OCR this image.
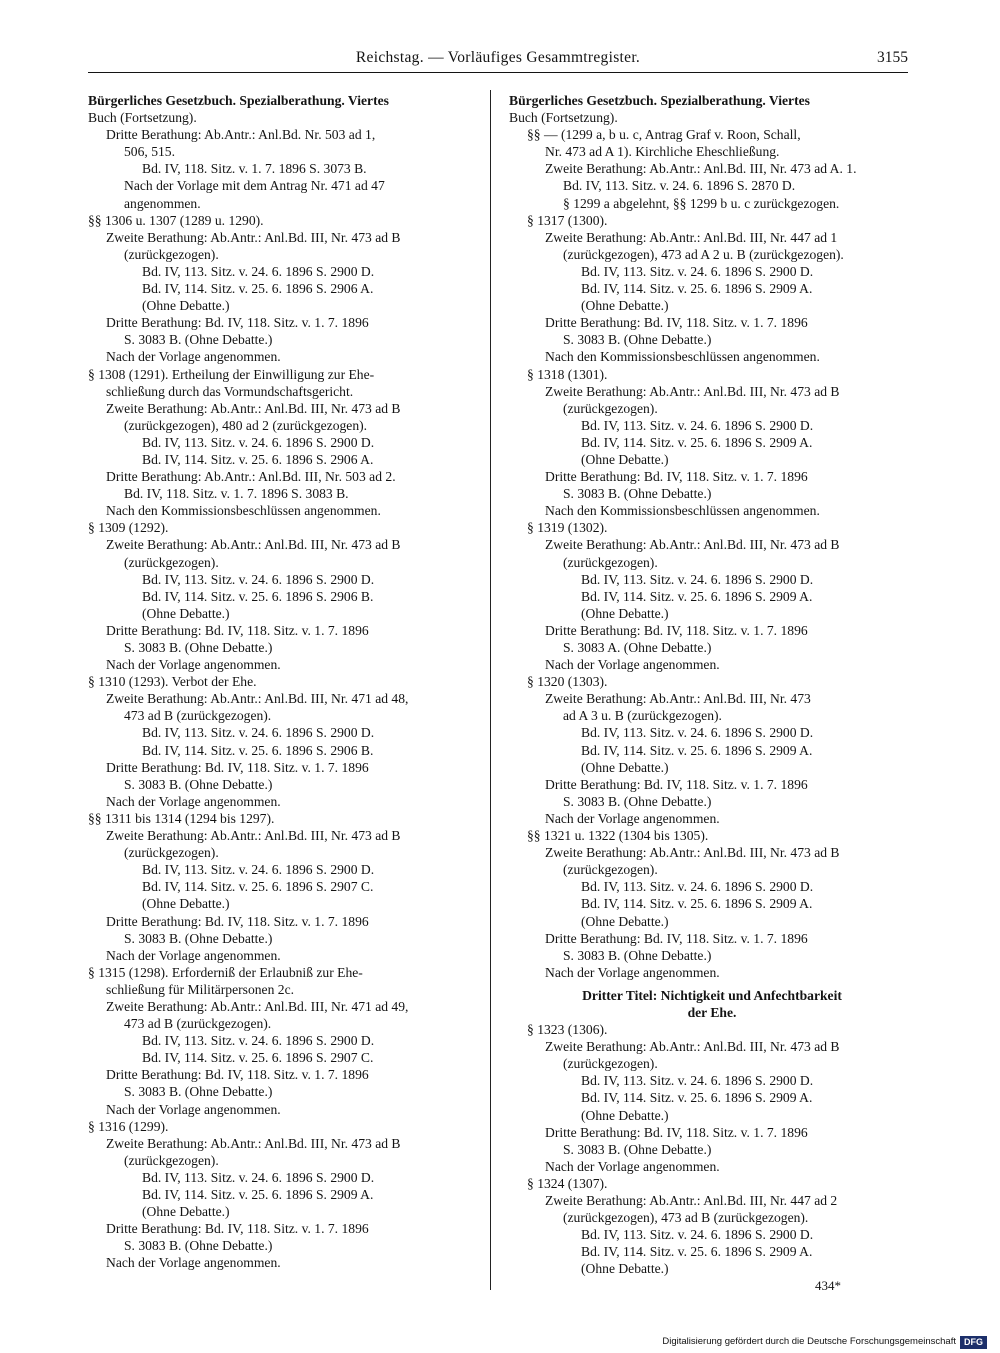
Reichstag. — Vorläufiges Gesammtregister.	3155
Bürgerliches Gesetzbuch. Spezialberathung. Viertes
Buch (Fortsetzung).
Dritte Berathung: Ab.Antr.: Anl.Bd. Nr. 503 ad 1,
506, 515.
Bd. IV, 118. Sitz. v. 1. 7. 1896 S. 3073 B.
Nach der Vorlage mit dem Antrag Nr. 471 ad 47
angenommen.
§§ 1306 u. 1307 (1289 u. 1290).
Zweite Berathung: Ab.Antr.: Anl.Bd. III, Nr. 473 ad B
(zurückgezogen).
Bd. IV, 113. Sitz. v. 24. 6. 1896 S. 2900 D.
Bd. IV, 114. Sitz. v. 25. 6. 1896 S. 2906 A.
(Ohne Debatte.)
Dritte Berathung: Bd. IV, 118. Sitz. v. 1. 7. 1896
S. 3083 B. (Ohne Debatte.)
Nach der Vorlage angenommen.
§ 1308 (1291). Ertheilung der Einwilligung zur Ehe-
schließung durch das Vormundschaftsgericht.
Zweite Berathung: Ab.Antr.: Anl.Bd. III, Nr. 473 ad B
(zurückgezogen), 480 ad 2 (zurückgezogen).
Bd. IV, 113. Sitz. v. 24. 6. 1896 S. 2900 D.
Bd. IV, 114. Sitz. v. 25. 6. 1896 S. 2906 A.
Dritte Berathung: Ab.Antr.: Anl.Bd. III, Nr. 503 ad 2.
Bd. IV, 118. Sitz. v. 1. 7. 1896 S. 3083 B.
Nach den Kommissionsbeschlüssen angenommen.
§ 1309 (1292).
Zweite Berathung: Ab.Antr.: Anl.Bd. III, Nr. 473 ad B
(zurückgezogen).
Bd. IV, 113. Sitz. v. 24. 6. 1896 S. 2900 D.
Bd. IV, 114. Sitz. v. 25. 6. 1896 S. 2906 B.
(Ohne Debatte.)
Dritte Berathung: Bd. IV, 118. Sitz. v. 1. 7. 1896
S. 3083 B. (Ohne Debatte.)
Nach der Vorlage angenommen.
§ 1310 (1293). Verbot der Ehe.
Zweite Berathung: Ab.Antr.: Anl.Bd. III, Nr. 471 ad 48,
473 ad B (zurückgezogen).
Bd. IV, 113. Sitz. v. 24. 6. 1896 S. 2900 D.
Bd. IV, 114. Sitz. v. 25. 6. 1896 S. 2906 B.
Dritte Berathung: Bd. IV, 118. Sitz. v. 1. 7. 1896
S. 3083 B. (Ohne Debatte.)
Nach der Vorlage angenommen.
§§ 1311 bis 1314 (1294 bis 1297).
Zweite Berathung: Ab.Antr.: Anl.Bd. III, Nr. 473 ad B
(zurückgezogen).
Bd. IV, 113. Sitz. v. 24. 6. 1896 S. 2900 D.
Bd. IV, 114. Sitz. v. 25. 6. 1896 S. 2907 C.
(Ohne Debatte.)
Dritte Berathung: Bd. IV, 118. Sitz. v. 1. 7. 1896
S. 3083 B. (Ohne Debatte.)
Nach der Vorlage angenommen.
§ 1315 (1298). Erforderniß der Erlaubniß zur Ehe-
schließung für Militärpersonen 2c.
Zweite Berathung: Ab.Antr.: Anl.Bd. III, Nr. 471 ad 49,
473 ad B (zurückgezogen).
Bd. IV, 113. Sitz. v. 24. 6. 1896 S. 2900 D.
Bd. IV, 114. Sitz. v. 25. 6. 1896 S. 2907 C.
Dritte Berathung: Bd. IV, 118. Sitz. v. 1. 7. 1896
S. 3083 B. (Ohne Debatte.)
Nach der Vorlage angenommen.
§ 1316 (1299).
Zweite Berathung: Ab.Antr.: Anl.Bd. III, Nr. 473 ad B
(zurückgezogen).
Bd. IV, 113. Sitz. v. 24. 6. 1896 S. 2900 D.
Bd. IV, 114. Sitz. v. 25. 6. 1896 S. 2909 A.
(Ohne Debatte.)
Dritte Berathung: Bd. IV, 118. Sitz. v. 1. 7. 1896
S. 3083 B. (Ohne Debatte.)
Nach der Vorlage angenommen.
Bürgerliches Gesetzbuch. Spezialberathung. Viertes
Buch (Fortsetzung).
§§ — (1299 a, b u. c, Antrag Graf v. Roon, Schall,
Nr. 473 ad A 1). Kirchliche Eheschließung.
Zweite Berathung: Ab.Antr.: Anl.Bd. III, Nr. 473 ad A. 1.
Bd. IV, 113. Sitz. v. 24. 6. 1896 S. 2870 D.
§ 1299 a abgelehnt, §§ 1299 b u. c zurückgezogen.
§ 1317 (1300).
Zweite Berathung: Ab.Antr.: Anl.Bd. III, Nr. 447 ad 1
(zurückgezogen), 473 ad A 2 u. B (zurückgezogen).
Bd. IV, 113. Sitz. v. 24. 6. 1896 S. 2900 D.
Bd. IV, 114. Sitz. v. 25. 6. 1896 S. 2909 A.
(Ohne Debatte.)
Dritte Berathung: Bd. IV, 118. Sitz. v. 1. 7. 1896
S. 3083 B. (Ohne Debatte.)
Nach den Kommissionsbeschlüssen angenommen.
§ 1318 (1301).
Zweite Berathung: Ab.Antr.: Anl.Bd. III, Nr. 473 ad B
(zurückgezogen).
Bd. IV, 113. Sitz. v. 24. 6. 1896 S. 2900 D.
Bd. IV, 114. Sitz. v. 25. 6. 1896 S. 2909 A.
(Ohne Debatte.)
Dritte Berathung: Bd. IV, 118. Sitz. v. 1. 7. 1896
S. 3083 B. (Ohne Debatte.)
Nach den Kommissionsbeschlüssen angenommen.
§ 1319 (1302).
Zweite Berathung: Ab.Antr.: Anl.Bd. III, Nr. 473 ad B
(zurückgezogen).
Bd. IV, 113. Sitz. v. 24. 6. 1896 S. 2900 D.
Bd. IV, 114. Sitz. v. 25. 6. 1896 S. 2909 A.
(Ohne Debatte.)
Dritte Berathung: Bd. IV, 118. Sitz. v. 1. 7. 1896
S. 3083 A. (Ohne Debatte.)
Nach der Vorlage angenommen.
§ 1320 (1303).
Zweite Berathung: Ab.Antr.: Anl.Bd. III, Nr. 473
ad A 3 u. B (zurückgezogen).
Bd. IV, 113. Sitz. v. 24. 6. 1896 S. 2900 D.
Bd. IV, 114. Sitz. v. 25. 6. 1896 S. 2909 A.
(Ohne Debatte.)
Dritte Berathung: Bd. IV, 118. Sitz. v. 1. 7. 1896
S. 3083 B. (Ohne Debatte.)
Nach der Vorlage angenommen.
§§ 1321 u. 1322 (1304 bis 1305).
Zweite Berathung: Ab.Antr.: Anl.Bd. III, Nr. 473 ad B
(zurückgezogen).
Bd. IV, 113. Sitz. v. 24. 6. 1896 S. 2900 D.
Bd. IV, 114. Sitz. v. 25. 6. 1896 S. 2909 A.
(Ohne Debatte.)
Dritte Berathung: Bd. IV, 118. Sitz. v. 1. 7. 1896
S. 3083 B. (Ohne Debatte.)
Nach der Vorlage angenommen.
Dritter Titel: Nichtigkeit und Anfechtbarkeit
der Ehe.
§ 1323 (1306).
Zweite Berathung: Ab.Antr.: Anl.Bd. III, Nr. 473 ad B
(zurückgezogen).
Bd. IV, 113. Sitz. v. 24. 6. 1896 S. 2900 D.
Bd. IV, 114. Sitz. v. 25. 6. 1896 S. 2909 A.
(Ohne Debatte.)
Dritte Berathung: Bd. IV, 118. Sitz. v. 1. 7. 1896
S. 3083 B. (Ohne Debatte.)
Nach der Vorlage angenommen.
§ 1324 (1307).
Zweite Berathung: Ab.Antr.: Anl.Bd. III, Nr. 447 ad 2
(zurückgezogen), 473 ad B (zurückgezogen).
Bd. IV, 113. Sitz. v. 24. 6. 1896 S. 2900 D.
Bd. IV, 114. Sitz. v. 25. 6. 1896 S. 2909 A.
(Ohne Debatte.)
434*
Digitalisierung gefördert durch die Deutsche Forschungsgemeinschaft DFG
